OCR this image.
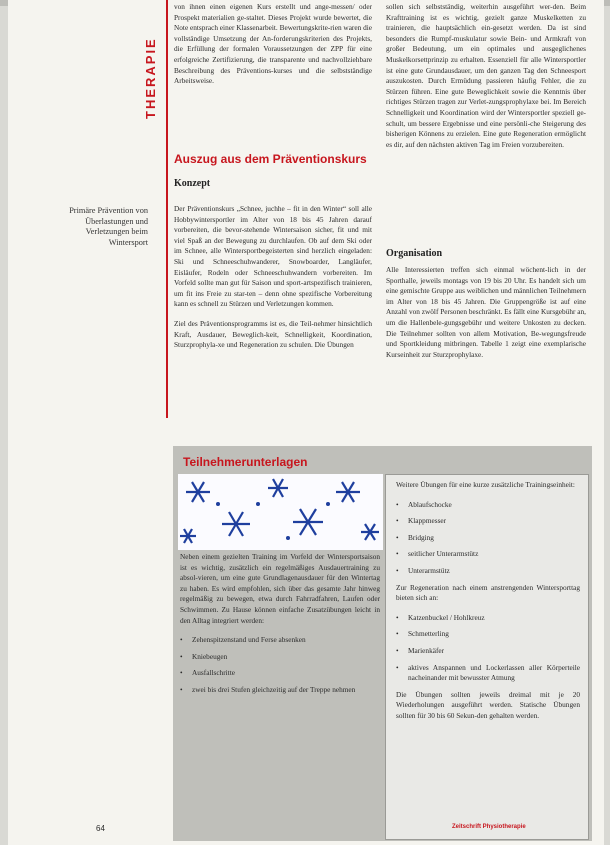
THERAPIE

von ihnen einen eigenen Kurs erstellt und ange-messen/ oder Prospekt materialien ge-staltet. Dieses Projekt wurde bewertet, die Note entsprach einer Klassenarbeit. Bewertungskrite-rien waren die vollständige Umsetzung der An-forderungskriterien des Projekts, die Erfüllung der formalen Voraussetzungen der ZPP für eine erfolgreiche Zertifizierung, die transparente und nachvollziehbare Beschreibung des Präventions-kurses und die selbstständige Arbeitsweise.

Auszug aus dem Präventionskurs
Konzept
Primäre Prävention von Überlastungen und Verletzungen beim Wintersport

Der Präventionskurs „Schnee, juchhe – fit in den Winter“ soll alle Hobbywintersportler im Alter von 18 bis 45 Jahren darauf vorbereiten, die bevor-stehende Wintersaison sicher, fit und mit viel Spaß an der Bewegung zu durchlaufen. Ob auf dem Ski oder im Schnee, alle Wintersportbegeisterten sind herzlich eingeladen: Ski und Schneeschuhwanderer, Snowboarder, Langläufer, Eisläufer, Rodeln oder Schneeschuhwandern vorbereiten. Im Vorfeld sollte man gut für Saison und sport-artspezifisch trainieren, um fit ins Freie zu star-ten – denn ohne spezifische Vorbereitung kann es schnell zu Stürzen und Verletzungen kommen.

Ziel des Präventionsprogramms ist es, die Teil-nehmer hinsichtlich Kraft, Ausdauer, Beweglich-keit, Schnelligkeit, Koordination, Sturzprophyla-xe und Regeneration zu schulen. Die Übungen

sollen sich selbstständig, weiterhin ausgeführt wer-den. Beim Krafttraining ist es wichtig, gezielt ganze Muskelketten zu trainieren, die hauptsächlich ein-gesetzt werden. Da ist sind besonders die Rumpf-muskulatur sowie Bein- und Armkraft von großer Bedeutung, um ein optimales und ausgeglichenes Muskelkorsettprinzip zu erhalten. Essenziell für alle Wintersportler ist eine gute Grundausdauer, um den ganzen Tag den Schneesport auszukosten. Durch Ermüdung passieren häufig Fehler, die zu Stürzen führen. Eine gute Beweglichkeit sowie die Kenntnis über richtiges Stürzen tragen zur Verlet-zungsprophylaxe bei. Im Bereich Schnelligkeit und Koordination wird der Wintersportler speziell ge-schult, um bessere Ergebnisse und eine persönli-che Steigerung des bisherigen Könnens zu erzielen. Eine gute Regeneration ermöglicht es dir, auf den nächsten aktiven Tag im Freien vorzubereiten.

Organisation

Alle Interessierten treffen sich einmal wöchent-lich in der Sporthalle, jeweils montags von 19 bis 20 Uhr. Es handelt sich um eine gemischte Gruppe aus weiblichen und männlichen Teilnehmern im Alter von 18 bis 45 Jahren. Die Gruppengröße ist auf eine Anzahl von zwölf Personen beschränkt. Es fällt eine Kursgebühr an, um die Hallenbele-gungsgebühr und weitere Unkosten zu decken. Die Teilnehmer sollten von allem Motivation, Be-wegungsfreude und Sportkleidung mitbringen. Tabelle 1 zeigt eine exemplarische Kurseinheit zur Sturzprophylaxe.

Teilnehmerunterlagen

Neben einem gezielten Training im Vorfeld der Wintersportsaison ist es wichtig, zusätzlich ein regelmäßiges Ausdauertraining zu absol-vieren, um eine gute Grundlagenausdauer für den Wintertag zu haben. Es wird empfohlen, sich über das gesamte Jahr hinweg regelmäßig zu bewegen, etwa durch Fahrradfahren, Laufen oder Schwimmen. Zu Hause können einfache Zusatzübungen leicht in den Alltag integriert werden:

•	Zehenspitzenstand und Ferse absenken
•	Kniebeugen
•	Ausfallschritte
•	zwei bis drei Stufen gleichzeitig auf der Treppe nehmen

Weitere Übungen für eine kurze zusätzliche Trainingseinheit:

•	Ablaufschocke
•	Klappmesser
•	Bridging
•	seitlicher Unterarmstütz
•	Unterarmstütz

Zur Regeneration nach einem anstrengenden Wintersporttag bieten sich an:

•	Katzenbuckel / Hohlkreuz
•	Schmetterling
•	Marienkäfer
•	aktives Anspannen und Lockerlassen aller Körperteile nacheinander mit bewusster Atmung

Die Übungen sollten jeweils dreimal mit je 20 Wiederholungen ausgeführt werden. Statische Übungen sollten für 30 bis 60 Sekun-den gehalten werden.

64	Zeitschrift Physiotherapie
